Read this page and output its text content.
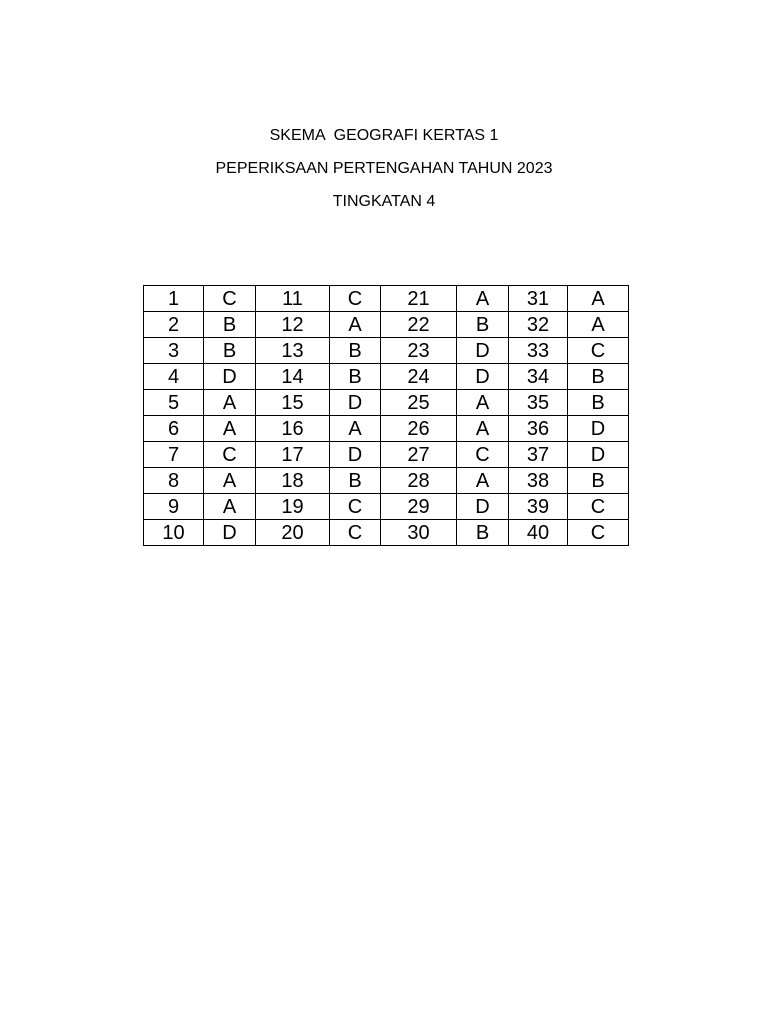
SKEMA  GEOGRAFI KERTAS 1
PEPERIKSAAN PERTENGAHAN TAHUN 2023
TINGKATAN 4
1	C	11	C	21	A	31	A
2	B	12	A	22	B	32	A
3	B	13	B	23	D	33	C
4	D	14	B	24	D	34	B
5	A	15	D	25	A	35	B
6	A	16	A	26	A	36	D
7	C	17	D	27	C	37	D
8	A	18	B	28	A	38	B
9	A	19	C	29	D	39	C
10	D	20	C	30	B	40	C
